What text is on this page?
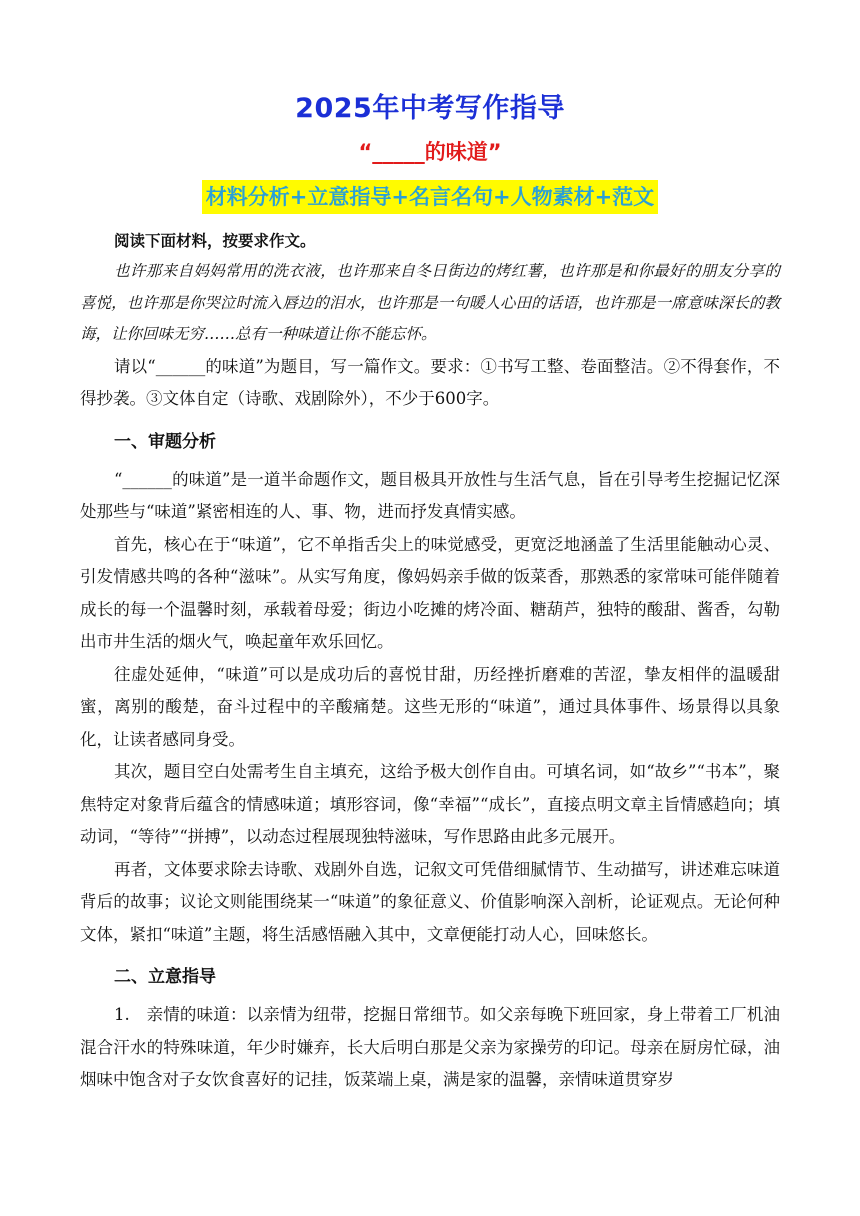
2025年中考写作指导
“_____的味道”
材料分析+立意指导+名言名句+人物素材+范文

阅读下面材料，按要求作文。

也许那来自妈妈常用的洗衣液，也许那来自冬日街边的烤红薯，也许那是和你最好的朋友分享的喜悦，也许那是你哭泣时流入唇边的泪水，也许那是一句暖人心田的话语，也许那是一席意味深长的教诲，让你回味无穷……总有一种味道让你不能忘怀。

请以“______的味道”为题目，写一篇作文。要求：①书写工整、卷面整洁。②不得套作，不得抄袭。③文体自定（诗歌、戏剧除外），不少于600字。

一、审题分析

“______的味道”是一道半命题作文，题目极具开放性与生活气息，旨在引导考生挖掘记忆深处那些与“味道”紧密相连的人、事、物，进而抒发真情实感。

首先，核心在于“味道”，它不单指舌尖上的味觉感受，更宽泛地涵盖了生活里能触动心灵、引发情感共鸣的各种“滋味”。从实写角度，像妈妈亲手做的饭菜香，那熟悉的家常味可能伴随着成长的每一个温馨时刻，承载着母爱；街边小吃摊的烤冷面、糖葫芦，独特的酸甜、酱香，勾勒出市井生活的烟火气，唤起童年欢乐回忆。

往虚处延伸，“味道”可以是成功后的喜悦甘甜，历经挫折磨难的苦涩，挚友相伴的温暖甜蜜，离别的酸楚，奋斗过程中的辛酸痛楚。这些无形的“味道”，通过具体事件、场景得以具象化，让读者感同身受。

其次，题目空白处需考生自主填充，这给予极大创作自由。可填名词，如“故乡”“书本”，聚焦特定对象背后蕴含的情感味道；填形容词，像“幸福”“成长”，直接点明文章主旨情感趋向；填动词，“等待”“拼搏”，以动态过程展现独特滋味，写作思路由此多元展开。

再者，文体要求除去诗歌、戏剧外自选，记叙文可凭借细腻情节、生动描写，讲述难忘味道背后的故事；议论文则能围绕某一“味道”的象征意义、价值影响深入剖析，论证观点。无论何种文体，紧扣“味道”主题，将生活感悟融入其中，文章便能打动人心，回味悠长。

二、立意指导

1.　亲情的味道：以亲情为纽带，挖掘日常细节。如父亲每晚下班回家，身上带着工厂机油混合汗水的特殊味道，年少时嫌弃，长大后明白那是父亲为家操劳的印记。母亲在厨房忙碌，油烟味中饱含对子女饮食喜好的记挂，饭菜端上桌，满是家的温馨，亲情味道贯穿岁
